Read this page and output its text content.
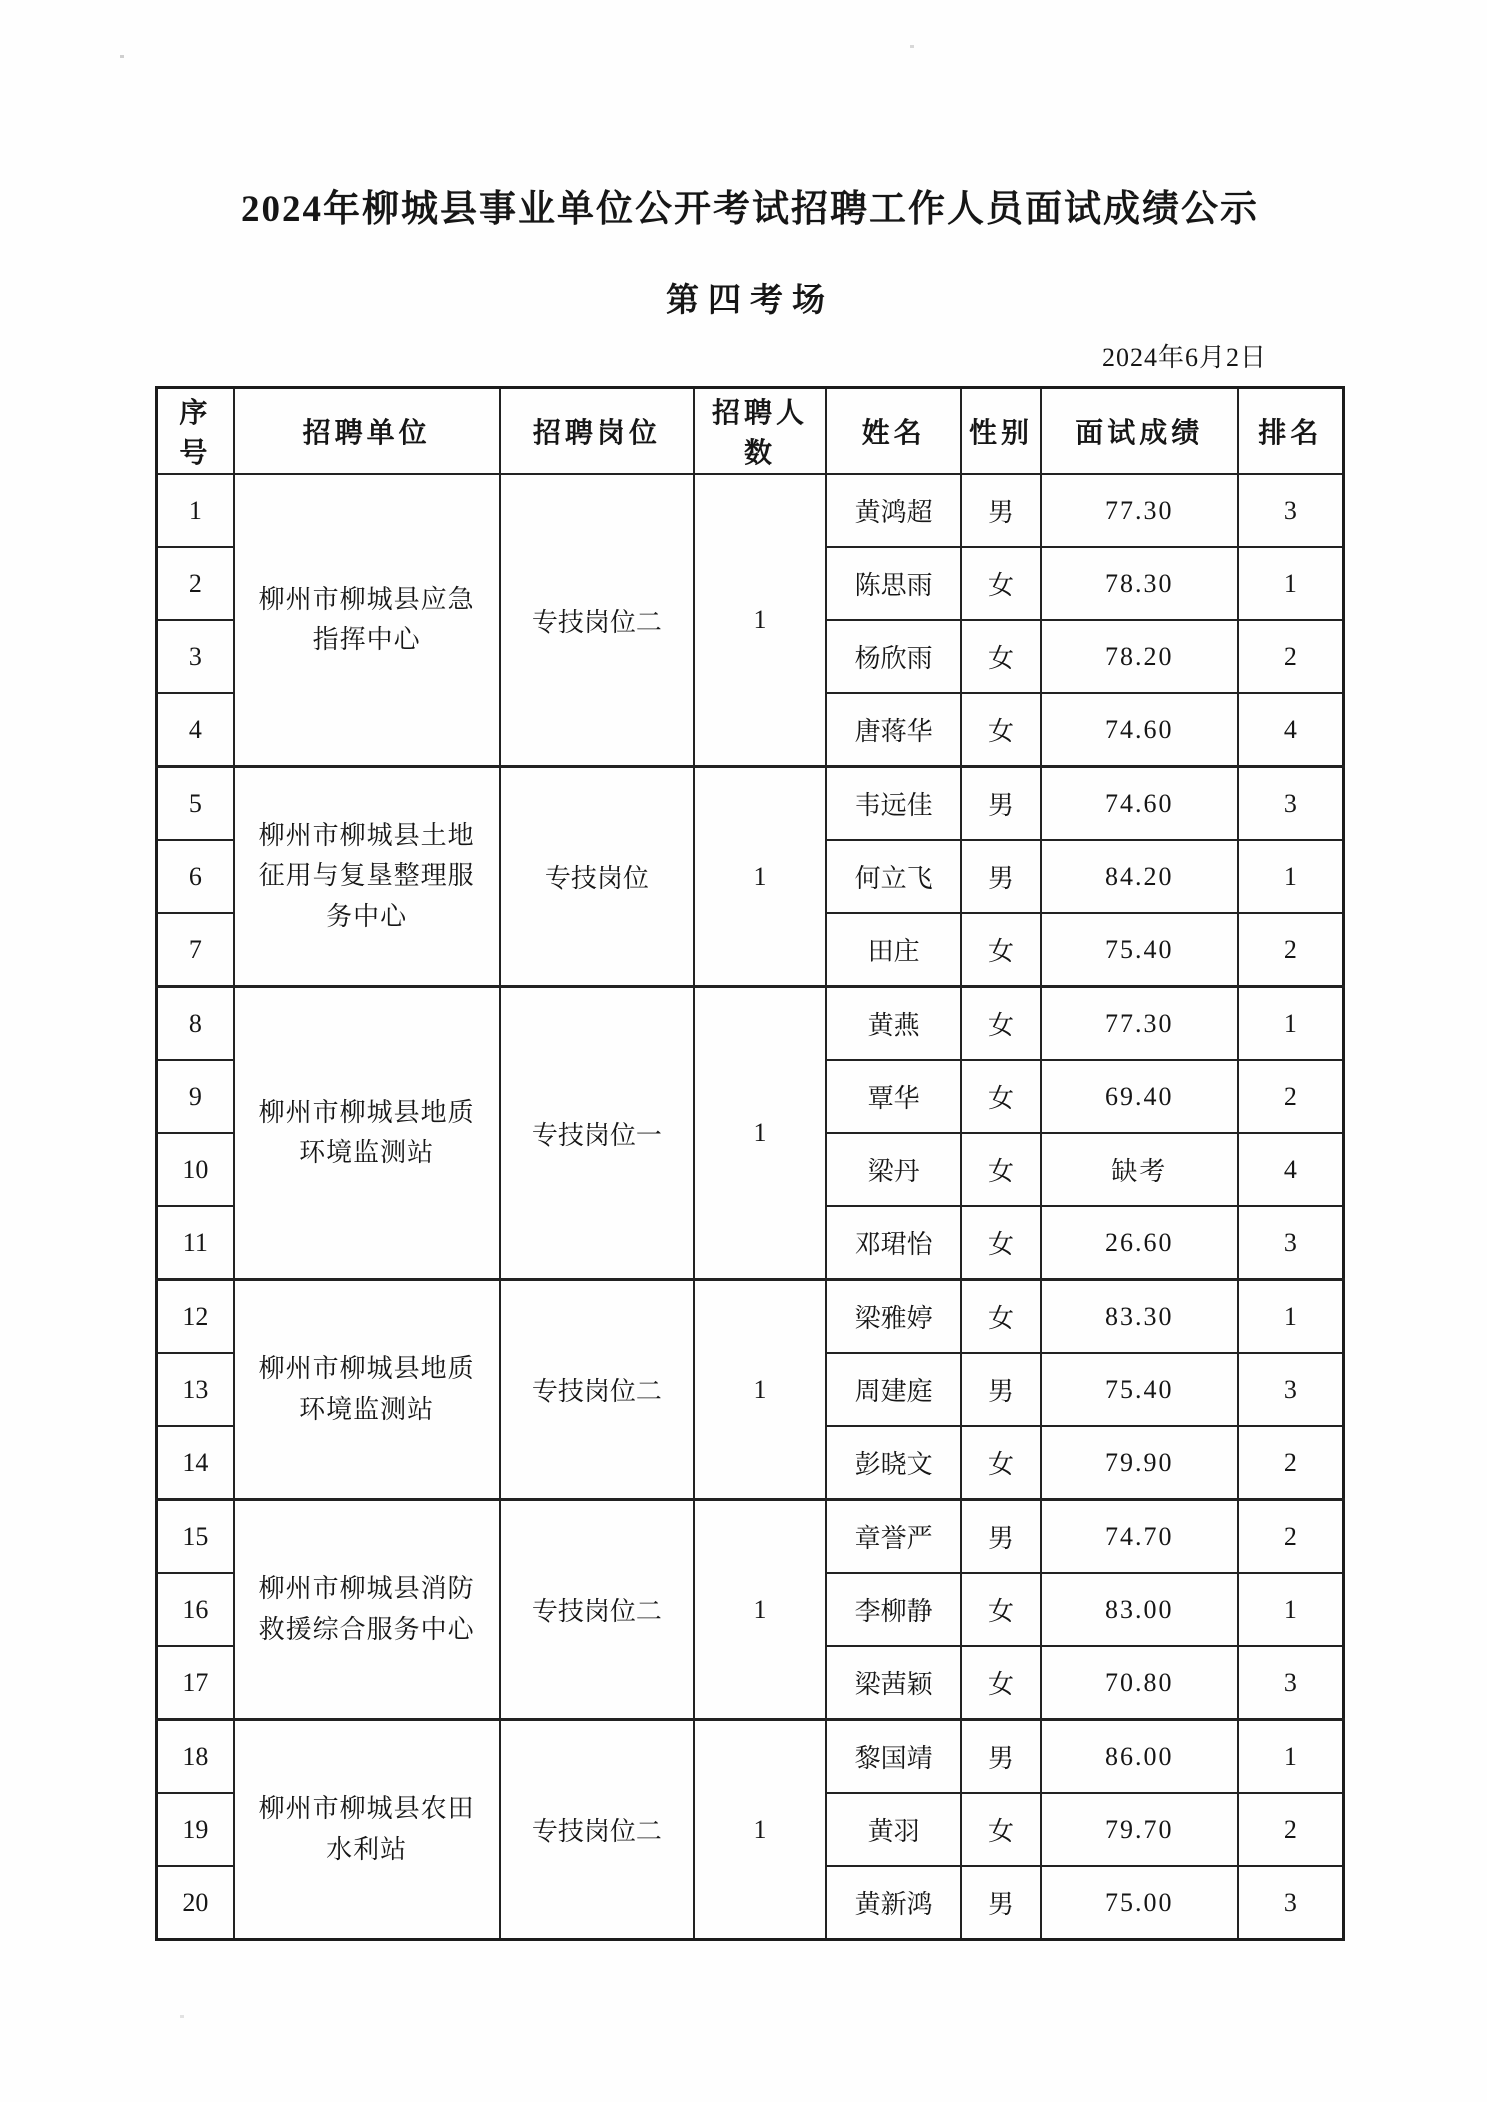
2024年柳城县事业单位公开考试招聘工作人员面试成绩公示
第四考场
2024年6月2日
序号	招聘单位	招聘岗位	招聘人数	姓名	性别	面试成绩	排名
1	柳州市柳城县应急指挥中心	专技岗位二	1	黄鸿超	男	77.30	3
2				陈思雨	女	78.30	1
3				杨欣雨	女	78.20	2
4				唐蒋华	女	74.60	4
5	柳州市柳城县土地征用与复垦整理服务中心	专技岗位	1	韦远佳	男	74.60	3
6				何立飞	男	84.20	1
7				田庄	女	75.40	2
8	柳州市柳城县地质环境监测站	专技岗位一	1	黄燕	女	77.30	1
9				覃华	女	69.40	2
10				梁丹	女	缺考	4
11				邓珺怡	女	26.60	3
12	柳州市柳城县地质环境监测站	专技岗位二	1	梁雅婷	女	83.30	1
13				周建庭	男	75.40	3
14				彭晓文	女	79.90	2
15	柳州市柳城县消防救援综合服务中心	专技岗位二	1	章誉严	男	74.70	2
16				李柳静	女	83.00	1
17				梁茜颖	女	70.80	3
18	柳州市柳城县农田水利站	专技岗位二	1	黎国靖	男	86.00	1
19				黄羽	女	79.70	2
20				黄新鸿	男	75.00	3
